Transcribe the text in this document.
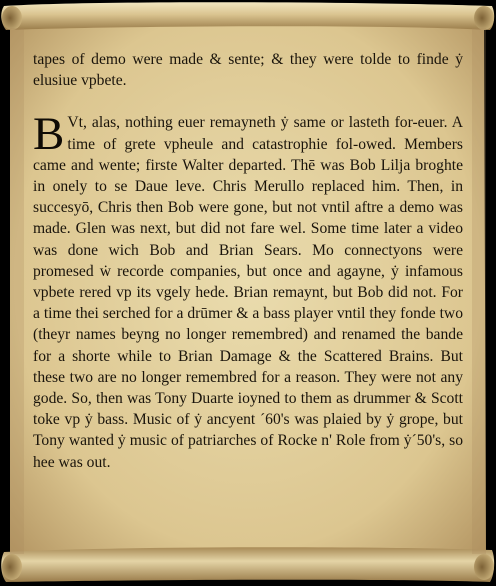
tapes of demo were made & sente; & they were tolde to finde ẏ elusiue vpbete.

B Vt, alas, nothing euer remayneth ẏ same or lasteth for-euer. A time of grete vpheule and catastrophie fol-owed. Members came and wente; firste Walter departed. Thē was Bob Lilja broghte in onely to se Daue leve. Chris Merullo replaced him. Then, in succesyō, Chris then Bob were gone, but not vntil aftre a demo was made. Glen was next, but did not fare wel. Some time later a video was done wich Bob and Brian Sears. Mo connectyons were promesed ẇ recorde companies, but once and agayne, ẏ infamous vpbete rered vp its vgely hede. Brian remaynt, but Bob did not. For a time thei serched for a drūmer & a bass player vntil they fonde two (theyr names beyng no longer remembred) and renamed the bande for a shorte while to Brian Damage & the Scattered Brains. But these two are no longer remembred for a reason. They were not any gode. So, then was Tony Duarte ioyned to them as drummer & Scott toke vp ẏ bass. Music of ẏ ancyent ´60's was plaied by ẏ grope, but Tony wanted ẏ music of patriarches of Rocke n' Role from ẏ´50's, so hee was out.
